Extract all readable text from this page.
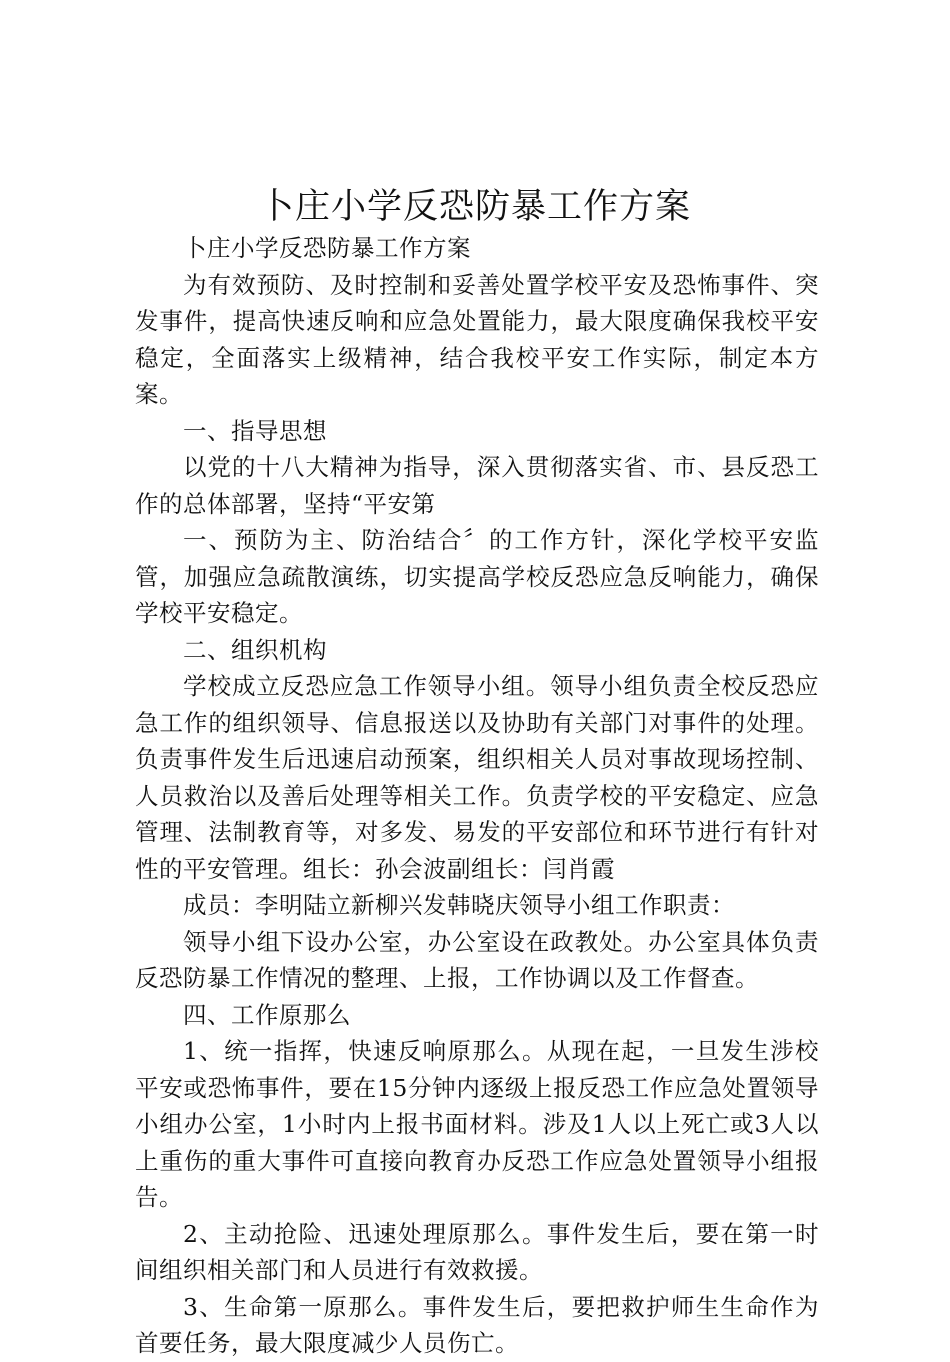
卜庄小学反恐防暴工作方案

卜庄小学反恐防暴工作方案

为有效预防、及时控制和妥善处置学校平安及恐怖事件、突发事件，提高快速反响和应急处置能力，最大限度确保我校平安稳定，全面落实上级精神，结合我校平安工作实际，制定本方案。

一、指导思想

以党的十八大精神为指导，深入贯彻落实省、市、县反恐工作的总体部署，坚持“平安第

一、预防为主、防治结合〞的工作方针，深化学校平安监管，加强应急疏散演练，切实提高学校反恐应急反响能力，确保学校平安稳定。

二、组织机构

学校成立反恐应急工作领导小组。领导小组负责全校反恐应急工作的组织领导、信息报送以及协助有关部门对事件的处理。负责事件发生后迅速启动预案，组织相关人员对事故现场控制、人员救治以及善后处理等相关工作。负责学校的平安稳定、应急管理、法制教育等，对多发、易发的平安部位和环节进行有针对性的平安管理。组长：孙会波副组长：闫肖霞

成员：李明陆立新柳兴发韩晓庆领导小组工作职责：

领导小组下设办公室，办公室设在政教处。办公室具体负责反恐防暴工作情况的整理、上报，工作协调以及工作督查。

四、工作原那么

1、统一指挥，快速反响原那么。从现在起，一旦发生涉校平安或恐怖事件，要在15分钟内逐级上报反恐工作应急处置领导小组办公室，1小时内上报书面材料。涉及1人以上死亡或3人以上重伤的重大事件可直接向教育办反恐工作应急处置领导小组报告。

2、主动抢险、迅速处理原那么。事件发生后，要在第一时间组织相关部门和人员进行有效救援。

3、生命第一原那么。事件发生后，要把救护师生生命作为首要任务，最大限度减少人员伤亡。
